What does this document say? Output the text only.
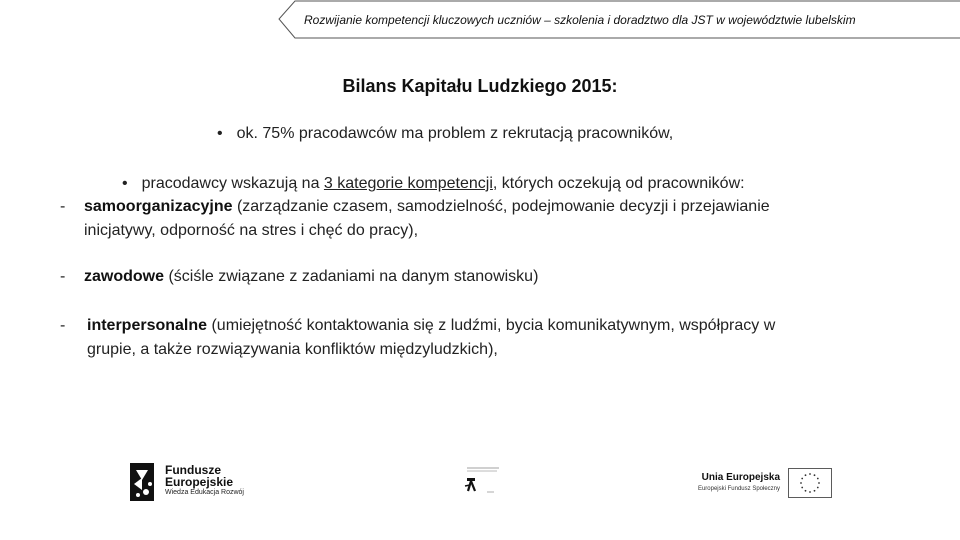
Rozwijanie kompetencji kluczowych uczniów – szkolenia i doradztwo dla JST w województwie lubelskim
Bilans Kapitału Ludzkiego 2015:
• ok. 75% pracodawców ma problem z rekrutacją pracowników,
• pracodawcy wskazują na 3 kategorie kompetencji, których oczekują od pracowników:
- samoorganizacyjne (zarządzanie czasem, samodzielność, podejmowanie decyzji i przejawianie
inicjatywy, odporność na stres i chęć do pracy),
- zawodowe (ściśle związane z zadaniami na danym stanowisku)
- interpersonalne (umiejętność kontaktowania się z ludźmi, bycia komunikatywnym, współpracy w
grupie, a także rozwiązywania konfliktów międzyludzkich),
Fundusze
Europejskie
Wiedza Edukacja Rozwój
Unia Europejska
Europejski Fundusz Społeczny
